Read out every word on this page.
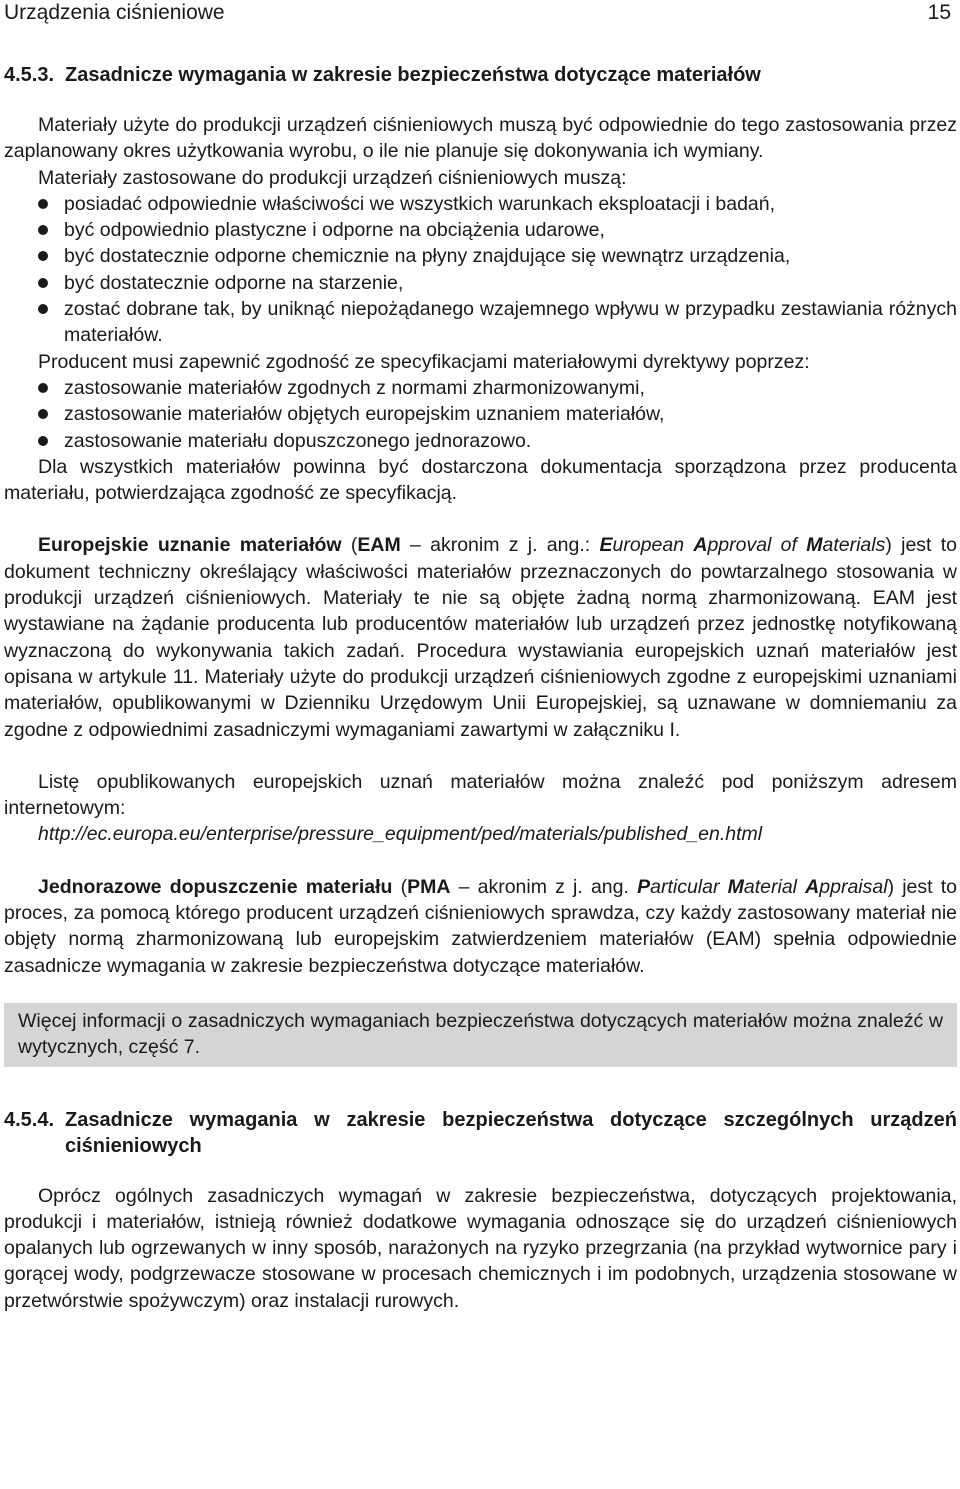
Urządzenia ciśnieniowe	15
4.5.3. Zasadnicze wymagania w zakresie bezpieczeństwa dotyczące materiałów

Materiały użyte do produkcji urządzeń ciśnieniowych muszą być odpowiednie do tego zastosowania przez zaplanowany okres użytkowania wyrobu, o ile nie planuje się dokonywania ich wymiany.

Materiały zastosowane do produkcji urządzeń ciśnieniowych muszą:

posiadać odpowiednie właściwości we wszystkich warunkach eksploatacji i badań,
być odpowiednio plastyczne i odporne na obciążenia udarowe,
być dostatecznie odporne chemicznie na płyny znajdujące się wewnątrz urządzenia,
być dostatecznie odporne na starzenie,
zostać dobrane tak, by uniknąć niepożądanego wzajemnego wpływu w przypadku zestawiania różnych materiałów.

Producent musi zapewnić zgodność ze specyfikacjami materiałowymi dyrektywy poprzez:

zastosowanie materiałów zgodnych z normami zharmonizowanymi,
zastosowanie materiałów objętych europejskim uznaniem materiałów,
zastosowanie materiału dopuszczonego jednorazowo.

Dla wszystkich materiałów powinna być dostarczona dokumentacja sporządzona przez producenta materiału, potwierdzająca zgodność ze specyfikacją.

Europejskie uznanie materiałów (EAM – akronim z j. ang.: European Approval of Materials) jest to dokument techniczny określający właściwości materiałów przeznaczonych do powtarzalnego stosowania w produkcji urządzeń ciśnieniowych. Materiały te nie są objęte żadną normą zharmonizowaną. EAM jest wystawiane na żądanie producenta lub producentów materiałów lub urządzeń przez jednostkę notyfikowaną wyznaczoną do wykonywania takich zadań. Procedura wystawiania europejskich uznań materiałów jest opisana w artykule 11. Materiały użyte do produkcji urządzeń ciśnieniowych zgodne z europejskimi uznaniami materiałów, opublikowanymi w Dzienniku Urzędowym Unii Europejskiej, są uznawane w domniemaniu za zgodne z odpowiednimi zasadniczymi wymaganiami zawartymi w załączniku I.

Listę opublikowanych europejskich uznań materiałów można znaleźć pod poniższym adresem internetowym:

http://ec.europa.eu/enterprise/pressure_equipment/ped/materials/published_en.html

Jednorazowe dopuszczenie materiału (PMA – akronim z j. ang. Particular Material Appraisal) jest to proces, za pomocą którego producent urządzeń ciśnieniowych sprawdza, czy każdy zastosowany materiał nie objęty normą zharmonizowaną lub europejskim zatwierdzeniem materiałów (EAM) spełnia odpowiednie zasadnicze wymagania w zakresie bezpieczeństwa dotyczące materiałów.

Więcej informacji o zasadniczych wymaganiach bezpieczeństwa dotyczących materiałów można znaleźć w wytycznych, część 7.

4.5.4. Zasadnicze wymagania w zakresie bezpieczeństwa dotyczące szczególnych urządzeń ciśnieniowych

Oprócz ogólnych zasadniczych wymagań w zakresie bezpieczeństwa, dotyczących projektowania, produkcji i materiałów, istnieją również dodatkowe wymagania odnoszące się do urządzeń ciśnieniowych opalanych lub ogrzewanych w inny sposób, narażonych na ryzyko przegrzania (na przykład wytwornice pary i gorącej wody, podgrzewacze stosowane w procesach chemicznych i im podobnych, urządzenia stosowane w przetwórstwie spożywczym) oraz instalacji rurowych.
